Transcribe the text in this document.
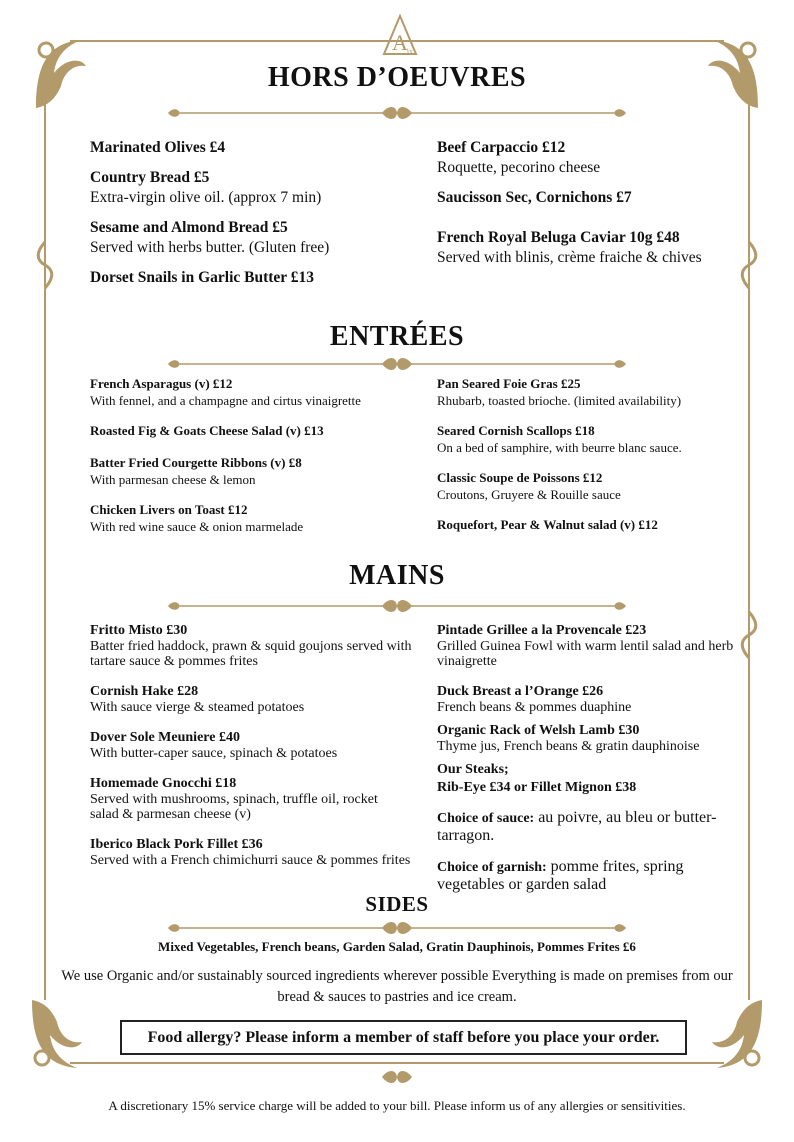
A
ix
HORS D’OEUVRES
Marinated Olives £4
Country Bread £5
Extra-virgin olive oil. (approx 7 min)
Sesame and Almond Bread £5
Served with herbs butter. (Gluten free)
Dorset Snails in Garlic Butter £13
Beef Carpaccio £12
Roquette, pecorino cheese
Saucisson Sec, Cornichons £7
French Royal Beluga Caviar 10g £48
Served with blinis, crème fraiche & chives
ENTRÉES
French Asparagus (v) £12
With fennel, and a champagne and cirtus vinaigrette
Roasted Fig & Goats Cheese Salad (v) £13
Batter Fried Courgette Ribbons (v) £8
With parmesan cheese & lemon
Chicken Livers on Toast £12
With red wine sauce & onion marmelade
Pan Seared Foie Gras £25
Rhubarb, toasted brioche. (limited availability)
Seared Cornish Scallops £18
On a bed of samphire, with beurre blanc sauce.
Classic Soupe de Poissons £12
Croutons, Gruyere & Rouille sauce
Roquefort, Pear & Walnut salad (v) £12
MAINS
Fritto Misto £30
Batter fried haddock, prawn & squid goujons served with tartare sauce & pommes frites
Cornish Hake £28
With sauce vierge & steamed potatoes
Dover Sole Meuniere £40
With butter-caper sauce, spinach & potatoes
Homemade Gnocchi £18
Served with mushrooms, spinach, truffle oil, rocket salad & parmesan cheese (v)
Iberico Black Pork Fillet £36
Served with a French chimichurri sauce & pommes frites
Pintade Grillee a la Provencale £23
Grilled Guinea Fowl with warm lentil salad and herb vinaigrette
Duck Breast a l’Orange £26
French beans & pommes duaphine
Organic Rack of Welsh Lamb £30
Thyme jus, French beans & gratin dauphinoise
Our Steaks;
Rib-Eye £34 or Fillet Mignon £38
Choice of sauce: au poivre, au bleu or butter-tarragon.
Choice of garnish: pomme frites, spring vegetables or garden salad
SIDES
Mixed Vegetables, French beans, Garden Salad, Gratin Dauphinois, Pommes Frites £6
We use Organic and/or sustainably sourced ingredients wherever possible Everything is made on premises from our bread & sauces to pastries and ice cream.
Food allergy? Please inform a member of staff before you place your order.
A discretionary 15% service charge will be added to your bill. Please inform us of any allergies or sensitivities.
